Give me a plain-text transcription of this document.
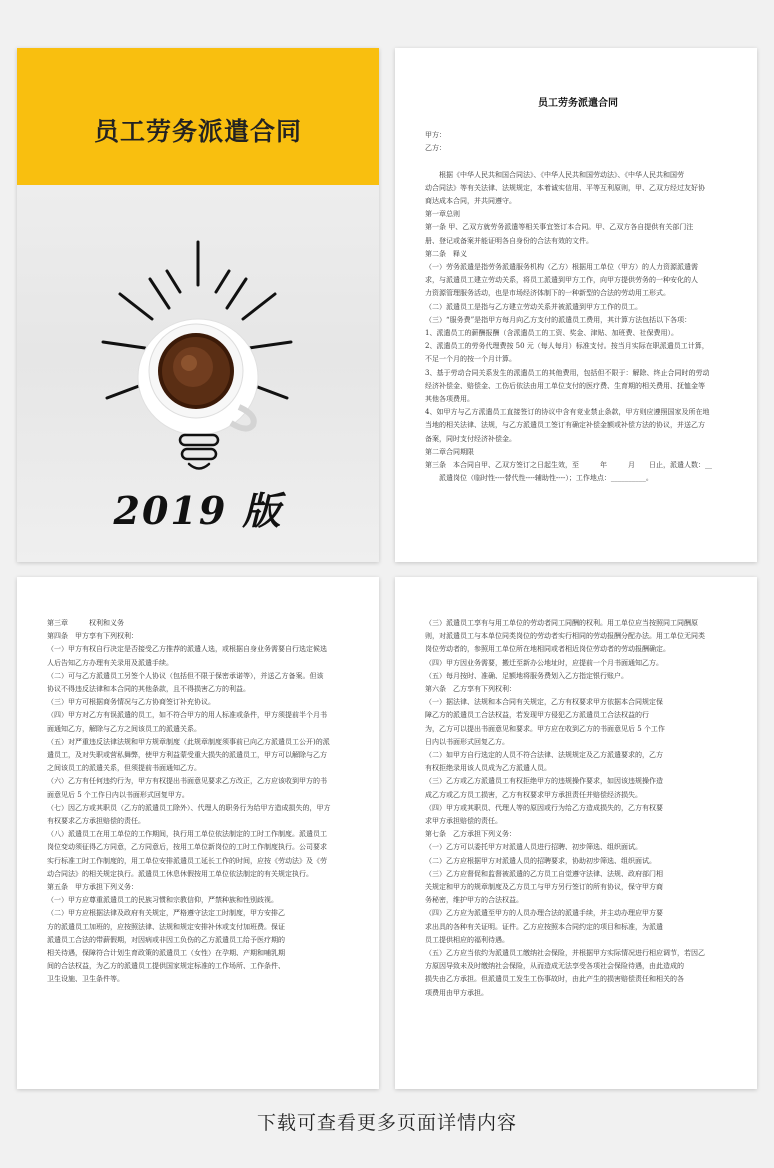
员工劳务派遣合同
2019 版
员工劳务派遣合同

甲方：

乙方：

　　根据《中华人民共和国合同法》、《中华人民共和国劳动法》、《中华人民共和国劳

动合同法》等有关法律、法规规定，本着诚实信用、平等互利原则，甲、乙双方经过友好协

商达成本合同，并共同遵守。

第一章总则

第一条 甲、乙双方就劳务派遣等相关事宜签订本合同。甲、乙双方各自提供有关部门注

册、登记或备案并能证明各自身份的合法有效的文件。

第二条　释义

（一）劳务派遣是指劳务派遣服务机构（乙方）根据用工单位（甲方）的人力资源派遣需

求，与派遣员工建立劳动关系，将员工派遣到甲方工作，向甲方提供劳务的一种安化的人

力资源管理服务活动，也是市场经济体制下的一种新型的合法的劳动用工形式。

（二）派遣员工是指与乙方建立劳动关系并被派遣到甲方工作的员工。

（三）“服务费”是指甲方每月向乙方支付的派遣员工费用，其计算方法包括以下各项：

1、派遣员工的薪酬报酬（含派遣员工的工资、奖金、津贴、加班费、社保费用）。

2、派遣员工的劳务代理费按 50 元（每人每月）标准支付。按当月实际在职派遣员工计算，

不足一个月的按一个月计算。

3、基于劳动合同关系发生的派遣员工的其他费用，包括但不限于：解除、终止合同时的劳动

经济补偿金、赔偿金、工伤后依法由用工单位支付的医疗费、生育期的相关费用、抚恤金等

其他各项费用。

4、如甲方与乙方派遣员工直接签订的协议中含有竞业禁止条款，甲方则应遵照国家及所在地

当地的相关法律、法规，与乙方派遣员工签订有确定补偿金额或补偿方法的协议，并送乙方

备案，同时支付经济补偿金。

第二章合同期限

第三条　本合同自甲、乙双方签订之日起生效，至　　　年　　　月　　日止，派遣人数：__

　　派遣岗位（临时性----替代性----辅助性----）；工作地点：__________。

第三章　　　权利和义务

第四条　甲方享有下列权利：

（一）甲方有权自行决定是否接受乙方推荐的派遣人选，或根据自身业务需要自行选定候选

人后告知乙方办理有关录用及派遣手续。

（二）可与乙方派遣员工另签个人协议（包括但不限于保密承诺等），并送乙方备案。但该

协议不得违反法律和本合同的其他条款，且不得损害乙方的利益。

（三）甲方可根据商务情况与乙方协商签订补充协议。

（四）甲方对乙方有误派遣的员工，如不符合甲方的用人标准或条件，甲方须提前半个月书

面通知乙方，解除与乙方之间该员工的派遣关系。

（五）对严重违反法律法规和甲方规章制度（此规章制度须事前已向乙方派遣员工公开)的派

遣员工，及对失职或营私舞弊，使甲方利益蒙受重大损失的派遣员工，甲方可以解除与乙方

之间该员工的派遣关系，但须提前书面通知乙方。

（六）乙方有任何违约行为，甲方有权提出书面意见要求乙方改正，乙方应该收到甲方的书

面意见后 5 个工作日内以书面形式回复甲方。

（七）因乙方或其职员（乙方的派遣员工除外）、代理人的职务行为给甲方造成损失的，甲方

有权要求乙方承担赔偿的责任。

（八）派遣员工在用工单位的工作期间，执行用工单位依法制定的工时工作制度。派遣员工

岗位变动须征得乙方同意，乙方同意后，按用工单位新岗位的工时工作制度执行。公司要求

实行标准工时工作制度的，用工单位安排派遣员工延长工作的时间，应按《劳动法》及《劳

动合同法》的相关规定执行。派遣员工休息休假按用工单位依法制定的有关规定执行。

第五条　甲方承担下列义务：

（一）甲方应尊重派遣员工的民族习惯和宗教信仰，严禁种族和性别歧视。

（二）甲方应根据法律及政府有关规定，严格遵守法定工时制度，甲方安排乙

方的派遣员工加班的，应按照法律、法规和规定安排补休或支付加班费。保证

派遣员工合法的带薪假期，对因病或非因工负伤的乙方派遣员工给予医疗期的

相关待遇，保障符合计划生育政策的派遣员工（女性）在孕期、产期和哺乳期

间的合法权益，为乙方的派遣员工提供国家规定标准的工作场所、工作条件、

卫生设施、卫生条件等。

（三）派遣员工享有与用工单位的劳动者同工同酬的权利。用工单位应当按照同工同酬原

则，对派遣员工与本单位同类岗位的劳动者实行相同的劳动报酬分配办法。用工单位无同类

岗位劳动者的，参照用工单位所在地相同或者相近岗位劳动者的劳动报酬确定。

（四）甲方因业务需要，搬迁至新办公地址时，应提前一个月书面通知乙方。

（五）每月按时、准确、足额地将服务费划入乙方指定银行账户。

第六条　乙方享有下列权利：

（一）据法律、法规和本合同有关规定，乙方有权要求甲方依据本合同规定保

障乙方的派遣员工合法权益，若发现甲方侵犯乙方派遣员工合法权益的行

为，乙方可以提出书面意见和要求。甲方应在收到乙方的书面意见后 5 个工作

日内以书面形式回复乙方。

（二）如甲方自行选定的人员不符合法律、法规规定及乙方派遣要求的，乙方

有权拒绝录用该人员成为乙方派遣人员。

（三）乙方或乙方派遣员工有权拒绝甲方的违规操作要求，如因该违规操作造

成乙方或乙方员工损害，乙方有权要求甲方承担责任并赔偿经济损失。

（四）甲方或其职员、代理人等的原因或行为给乙方造成损失的，乙方有权要

求甲方承担赔偿的责任。

第七条　乙方承担下列义务：

（一）乙方可以委托甲方对派遣人员进行招聘、初步筛选、组织面试。

（二）乙方应根据甲方对派遣人员的招聘要求，协助初步筛选、组织面试。

（三）乙方应督促和监督被派遣的乙方员工自觉遵守法律、法规、政府部门相

关规定和甲方的规章制度及乙方员工与甲方另行签订的所有协议，保守甲方商

务秘密，维护甲方的合法权益。

（四）乙方应为派遣至甲方的人员办理合法的派遣手续，并主动办理应甲方要

求出具的各种有关证明。证件。乙方应按照本合同约定的项目和标准，为派遣

员工提供相应的福利待遇。

（五）乙方应当依约为派遣员工缴纳社会保险，并根据甲方实际情况进行相应调节，若因乙

方原因导致未及时缴纳社会保险，从而造成无法享受各项社会保险待遇，由此造成的

损失由乙方承担。但派遣员工发生工伤事故时，由此产生的损害赔偿责任和相关的各

项费用由甲方承担。

下载可查看更多页面详情内容
